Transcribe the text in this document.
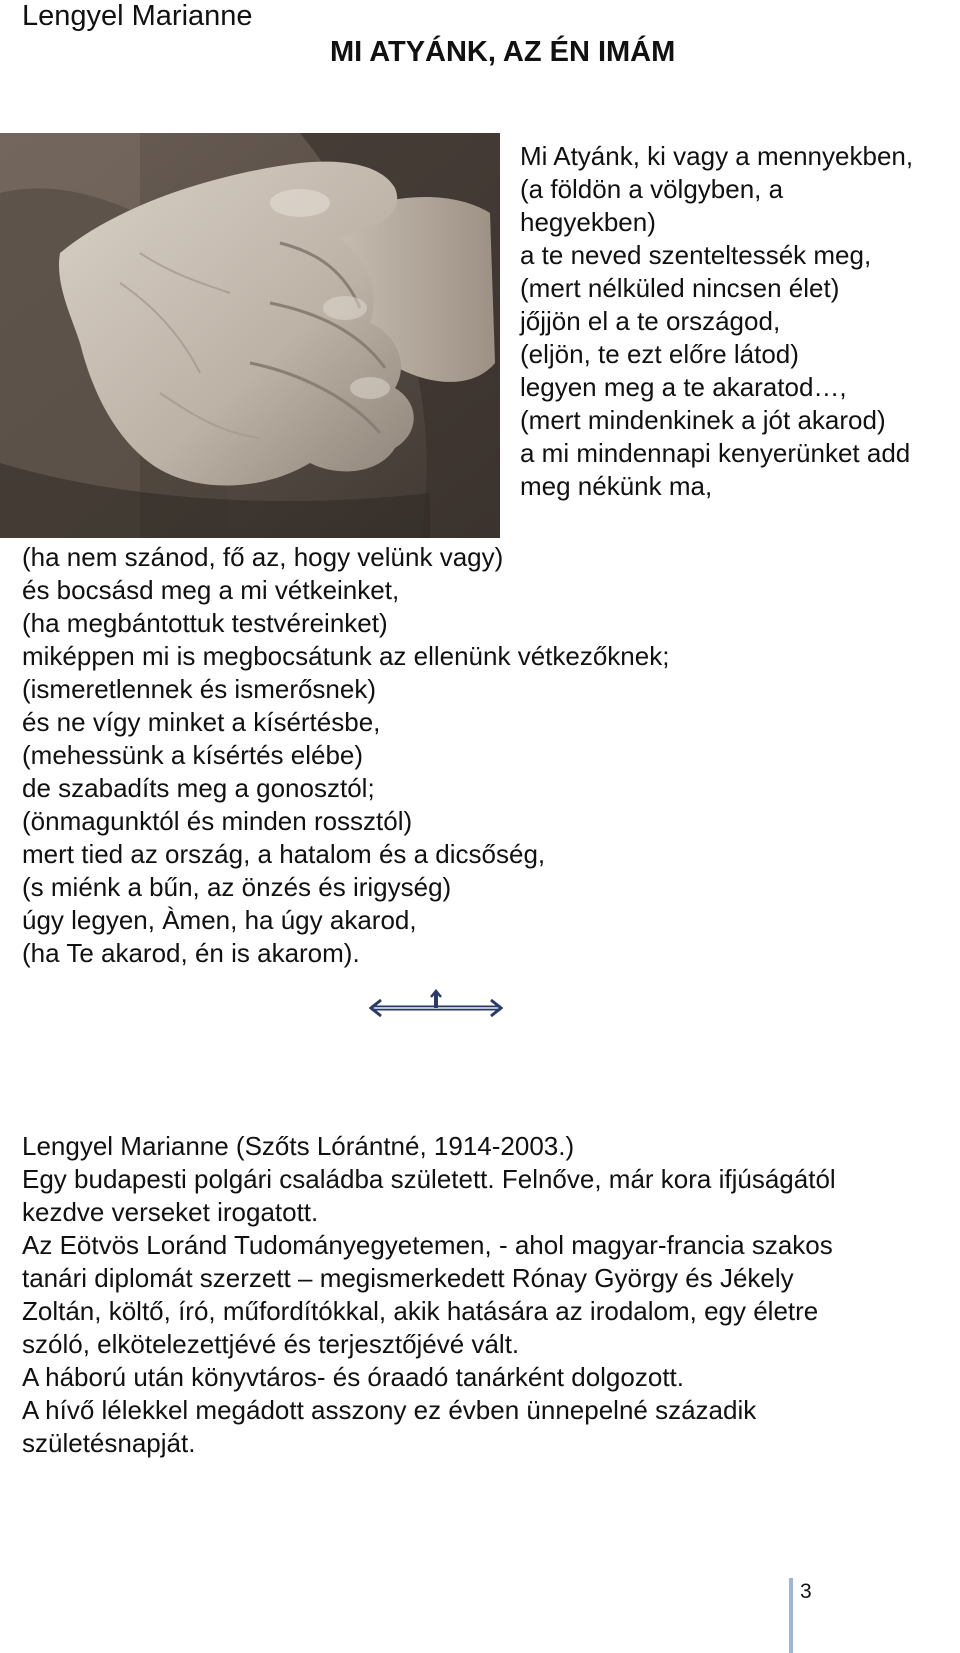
Lengyel Marianne
MI ATYÁNK, AZ ÉN IMÁM
Mi Atyánk, ki vagy a mennyekben,
(a földön a völgyben, a
hegyekben)
a te neved szenteltessék meg,
(mert nélküled nincsen élet)
jőjjön el a te országod,
(eljön, te ezt előre látod)
legyen meg a te akaratod…,
(mert mindenkinek a jót akarod)
a mi mindennapi kenyerünket add
meg nékünk ma,
(ha nem szánod, fő az, hogy velünk vagy)
és bocsásd meg a mi vétkeinket,
(ha megbántottuk testvéreinket)
miképpen mi is megbocsátunk az ellenünk vétkezőknek;
(ismeretlennek és ismerősnek)
és ne vígy minket a kísértésbe,
(mehessünk a kísértés elébe)
de szabadíts meg a gonosztól;
(önmagunktól és minden rossztól)
mert tied az ország, a hatalom és a dicsőség,
(s miénk a bűn, az önzés és irigység)
úgy legyen, Àmen, ha úgy akarod,
(ha Te akarod, én is akarom).
Lengyel Marianne (Szőts Lórántné, 1914-2003.)
Egy budapesti polgári családba született. Felnőve, már kora ifjúságától
kezdve verseket irogatott.
Az Eötvös Loránd Tudományegyetemen, - ahol magyar-francia szakos
tanári diplomát szerzett – megismerkedett Rónay György és Jékely
Zoltán, költő, író, műfordítókkal, akik hatására az irodalom, egy életre
szóló, elkötelezettjévé és terjesztőjévé vált.
A háború után könyvtáros- és óraadó tanárként dolgozott.
A hívő lélekkel megádott asszony ez évben ünnepelné századik
születésnapját.
3
